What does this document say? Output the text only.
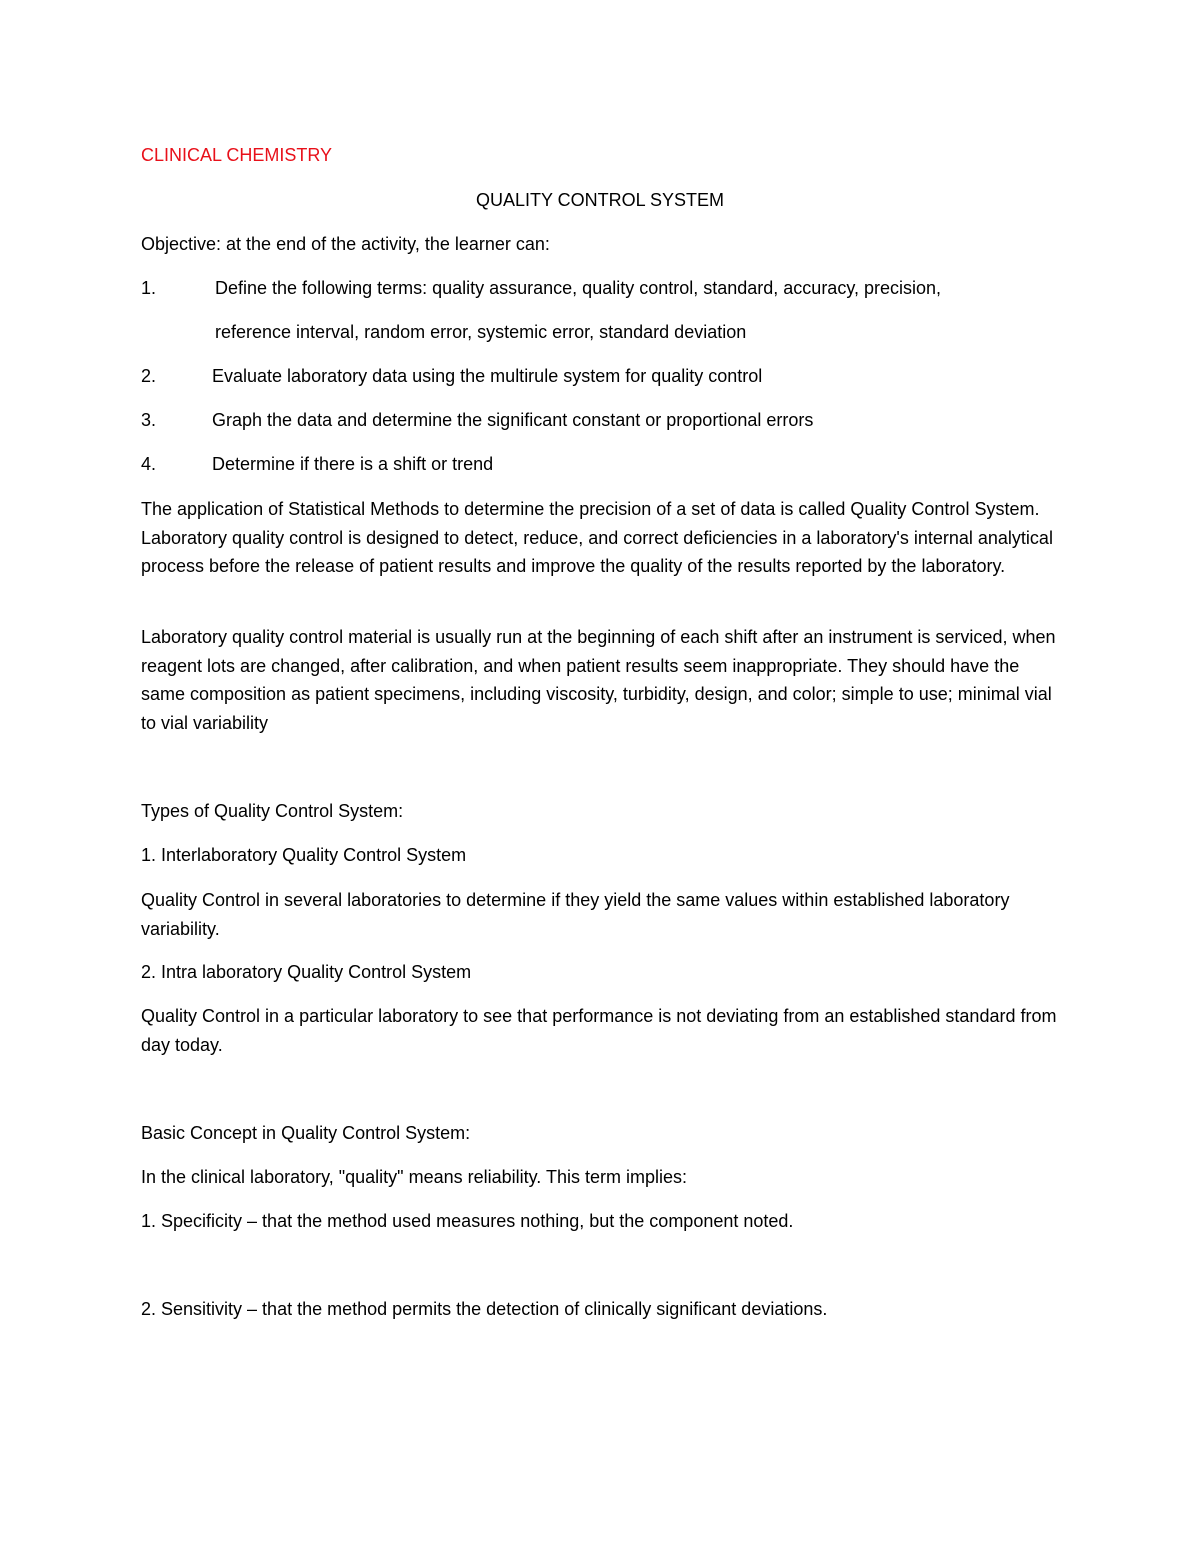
CLINICAL CHEMISTRY
QUALITY CONTROL SYSTEM
Objective: at the end of the activity, the learner can:
1.	Define the following terms: quality assurance, quality control, standard, accuracy, precision,
reference interval, random error, systemic error, standard deviation
2.	Evaluate laboratory data using the multirule system for quality control
3.	Graph the data and determine the significant constant or proportional errors
4.	Determine if there is a shift or trend
The application of Statistical Methods to determine the precision of a set of data is called Quality Control System. Laboratory quality control is designed to detect, reduce, and correct deficiencies in a laboratory's internal analytical process before the release of patient results and improve the quality of the results reported by the laboratory.
Laboratory quality control material is usually run at the beginning of each shift after an instrument is serviced, when reagent lots are changed, after calibration, and when patient results seem inappropriate. They should have the same composition as patient specimens, including viscosity, turbidity, design, and color; simple to use; minimal vial to vial variability
Types of Quality Control System:
1. Interlaboratory Quality Control System
Quality Control in several laboratories to determine if they yield the same values within established laboratory variability.
2. Intra laboratory Quality Control System
Quality Control in a particular laboratory to see that performance is not deviating from an established standard from day today.
Basic Concept in Quality Control System:
In the clinical laboratory, "quality" means reliability. This term implies:
1. Specificity – that the method used measures nothing, but the component noted.
2. Sensitivity – that the method permits the detection of clinically significant deviations.
